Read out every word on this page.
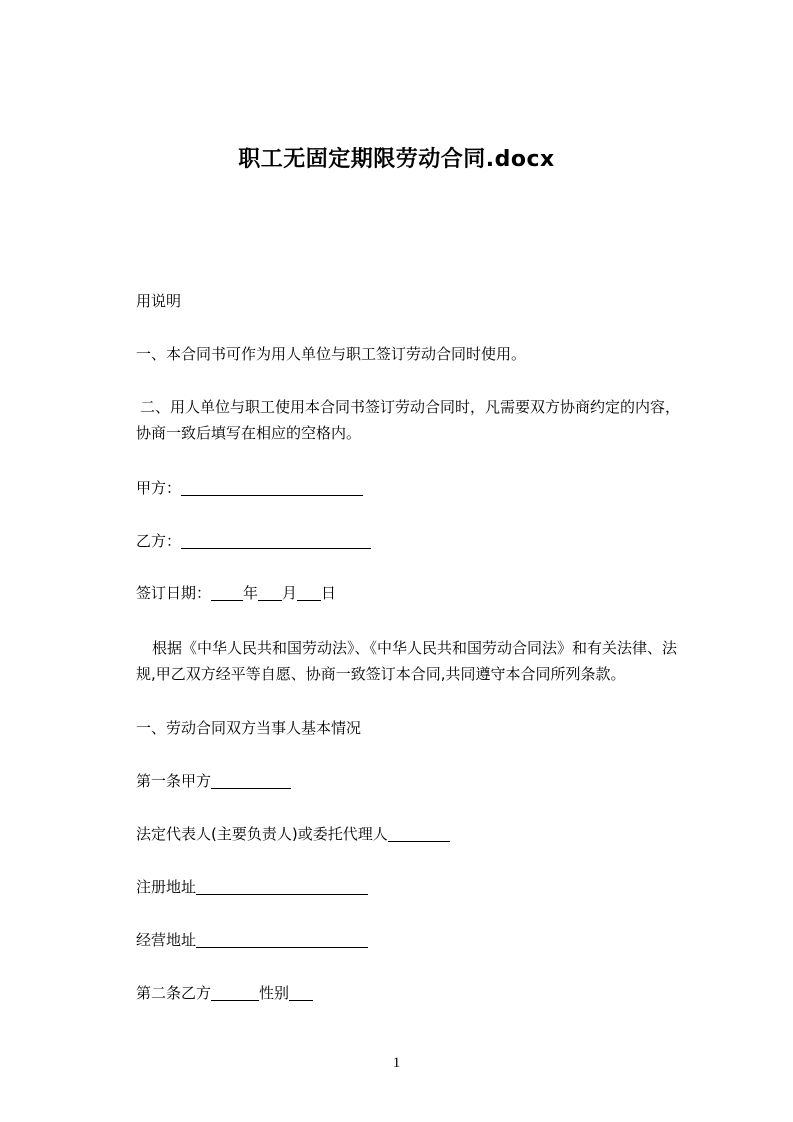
职工无固定期限劳动合同.docx
用说明
一、本合同书可作为用人单位与职工签订劳动合同时使用。
二、用人单位与职工使用本合同书签订劳动合同时，凡需要双方协商约定的内容，
协商一致后填写在相应的空格内。
甲方：
乙方：
签订日期： 年 月 日
根据《中华人民共和国劳动法》、《中华人民共和国劳动合同法》和有关法律、法
规,甲乙双方经平等自愿、协商一致签订本合同,共同遵守本合同所列条款。
一、劳动合同双方当事人基本情况
第一条甲方
法定代表人(主要负责人)或委托代理人
注册地址
经营地址
第二条乙方	性别
1
